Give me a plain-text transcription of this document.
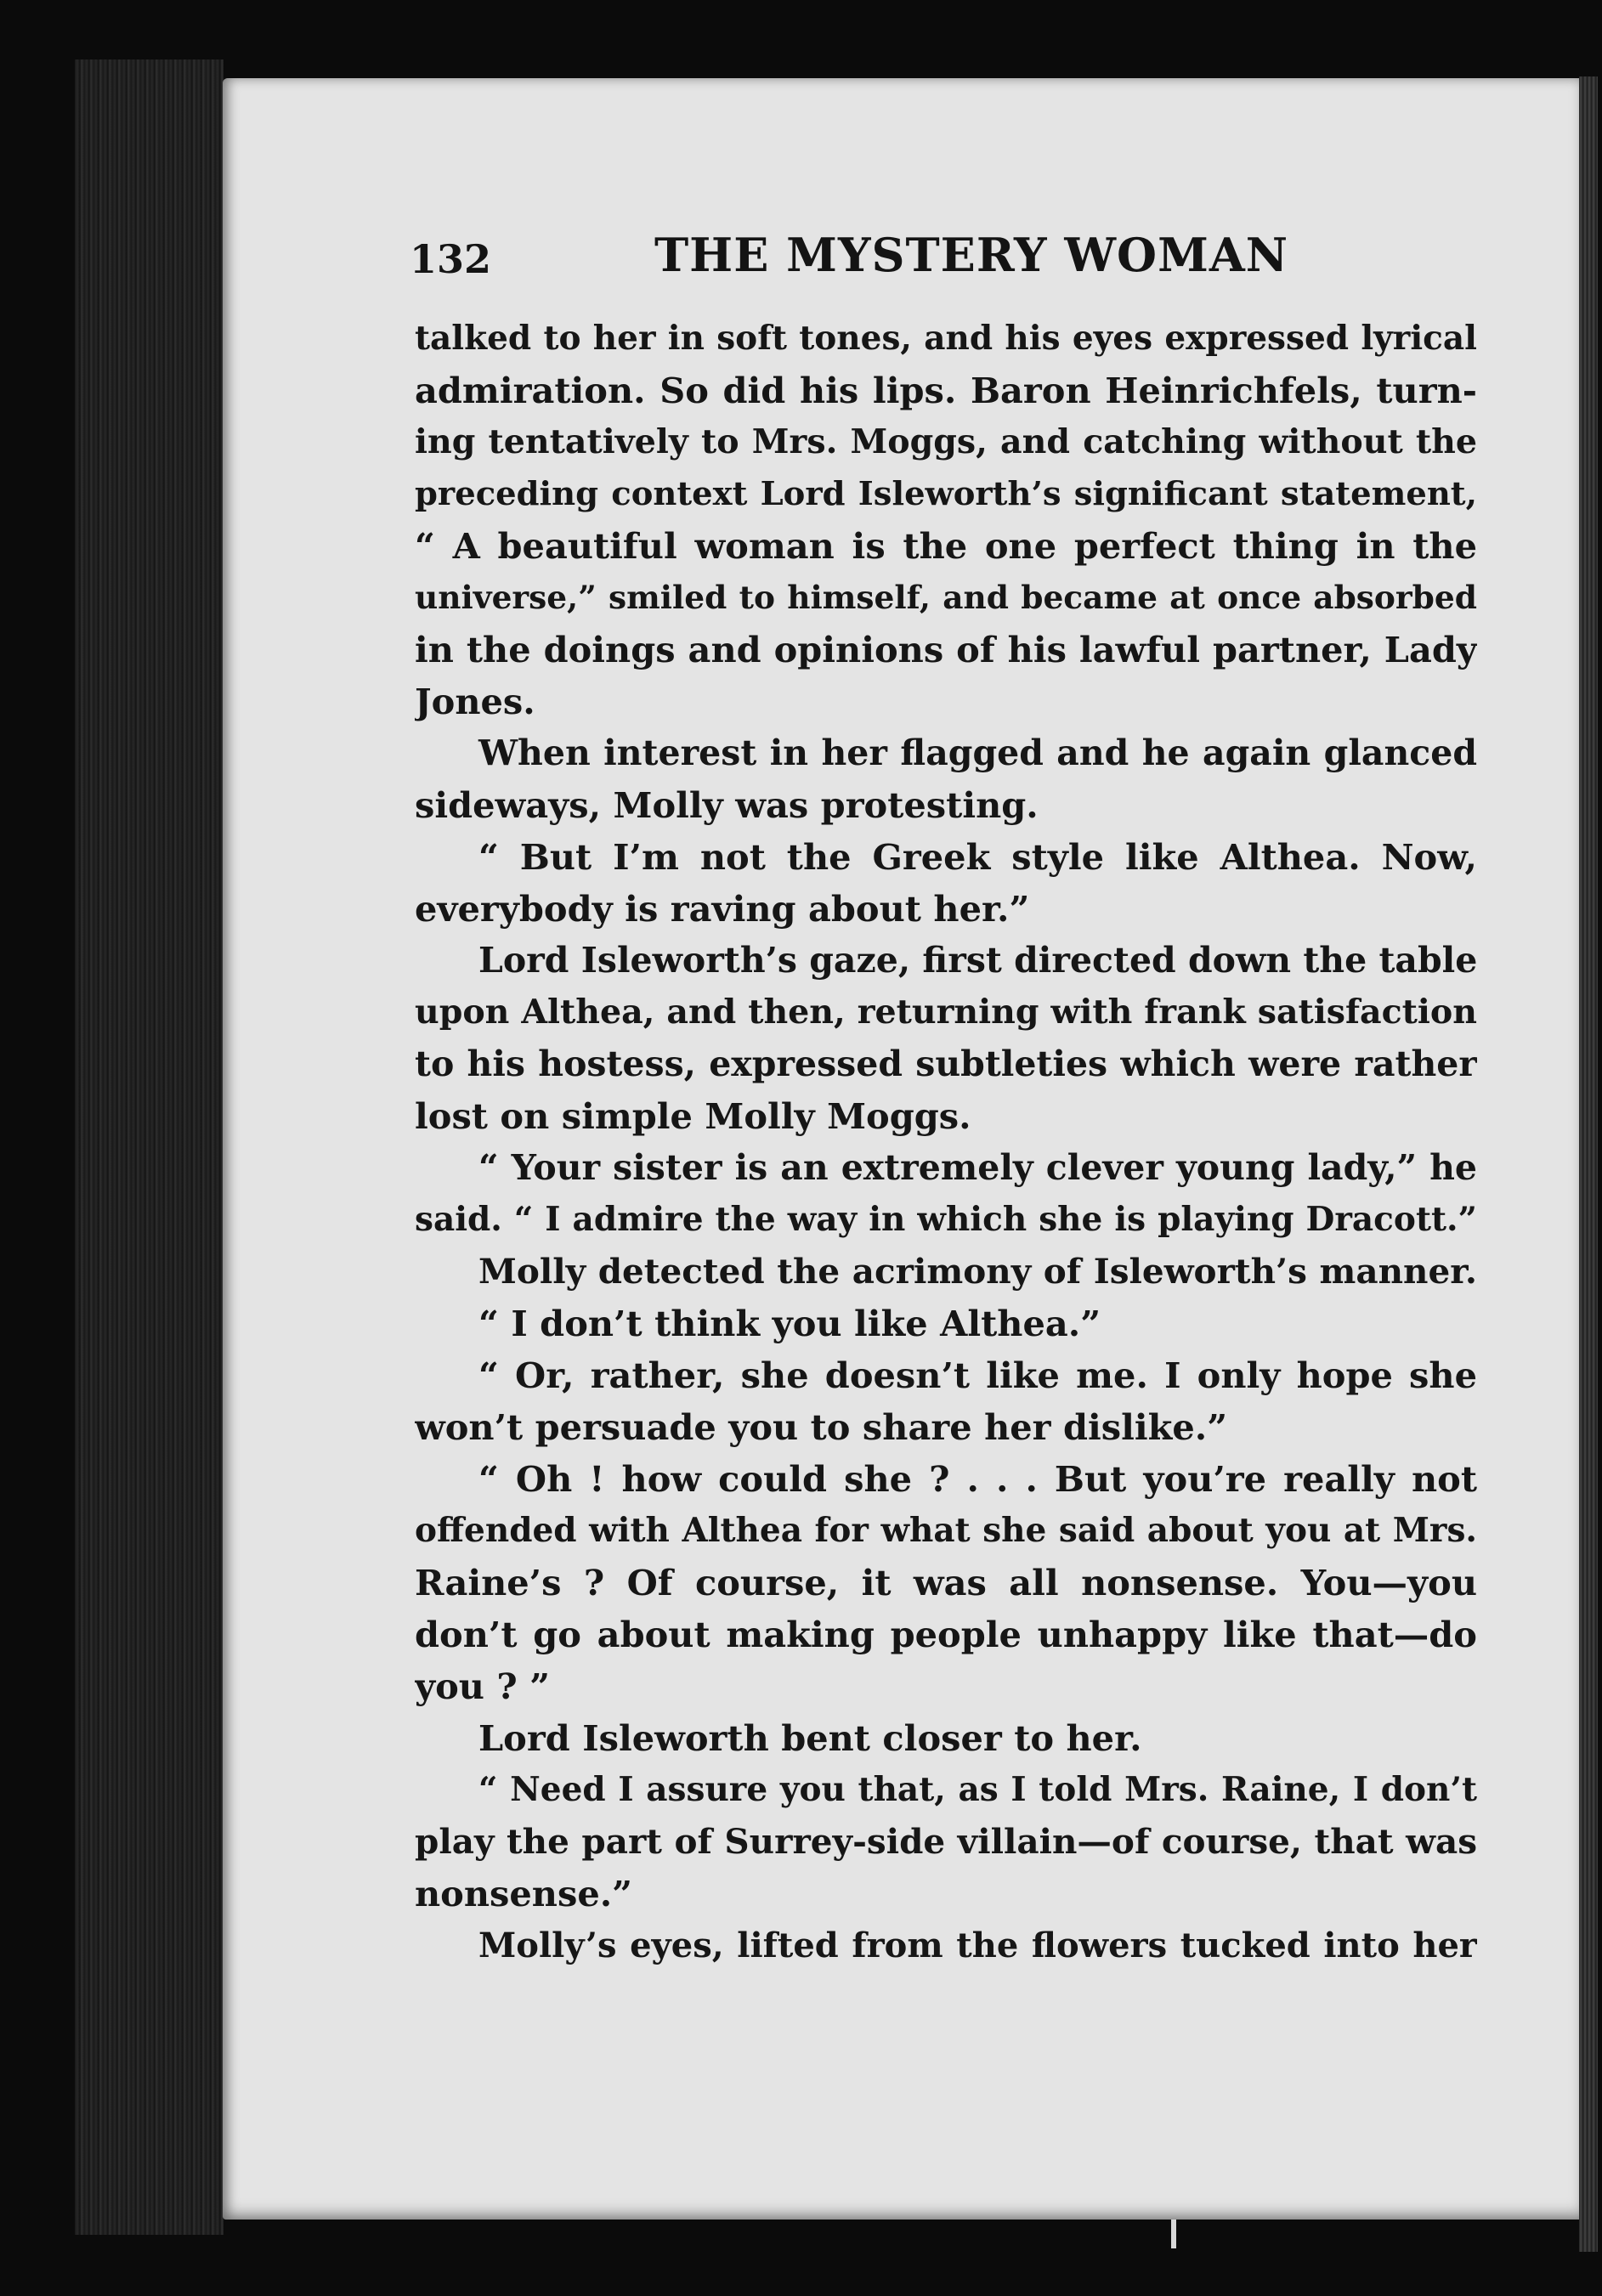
132	THE MYSTERY WOMAN
talked to her in soft tones, and his eyes expressed lyrical
admiration. So did his lips. Baron Heinrichfels, turn-
ing tentatively to Mrs. Moggs, and catching without the
preceding context Lord Isleworth’s significant statement,
“ A beautiful woman is the one perfect thing in the
universe,” smiled to himself, and became at once absorbed
in the doings and opinions of his lawful partner, Lady
Jones.
When interest in her flagged and he again glanced
sideways, Molly was protesting.
“ But I’m not the Greek style like Althea. Now,
everybody is raving about her.”
Lord Isleworth’s gaze, first directed down the table
upon Althea, and then, returning with frank satisfaction
to his hostess, expressed subtleties which were rather
lost on simple Molly Moggs.
“ Your sister is an extremely clever young lady,” he
said. “ I admire the way in which she is playing Dracott.”
Molly detected the acrimony of Isleworth’s manner.
“ I don’t think you like Althea.”
“ Or, rather, she doesn’t like me. I only hope she
won’t persuade you to share her dislike.”
“ Oh ! how could she ? . . . But you’re really not
offended with Althea for what she said about you at Mrs.
Raine’s ? Of course, it was all nonsense. You—you
don’t go about making people unhappy like that—do
you ? ”
Lord Isleworth bent closer to her.
“ Need I assure you that, as I told Mrs. Raine, I don’t
play the part of Surrey-side villain—of course, that was
nonsense.”
Molly’s eyes, lifted from the flowers tucked into her
